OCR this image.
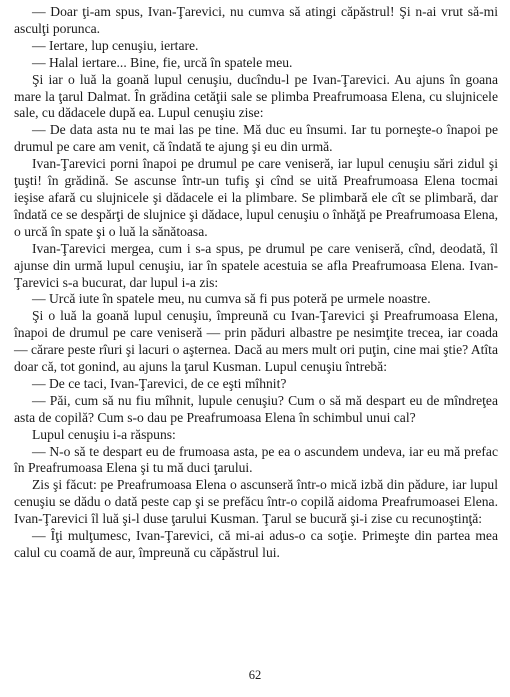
— Doar ţi-am spus, Ivan-Ţarevici, nu cumva să atingi căpăstrul! Şi n-ai vrut să-mi asculţi porunca.

— Iertare, lup cenuşiu, iertare.

— Halal iertare... Bine, fie, urcă în spatele meu.

Şi iar o luă la goană lupul cenuşiu, ducîndu-l pe Ivan-Ţarevici. Au ajuns în goana mare la ţarul Dalmat. În grădina cetăţii sale se plimba Preafrumoasa Elena, cu slujnicele sale, cu dădacele după ea. Lupul cenuşiu zise:

— De data asta nu te mai las pe tine. Mă duc eu însumi. Iar tu porneşte-o înapoi pe drumul pe care am venit, că îndată te ajung şi eu din urmă.

Ivan-Ţarevici porni înapoi pe drumul pe care veniseră, iar lupul cenuşiu sări zidul şi ţuşti! în grădină. Se ascunse într-un tufiş şi cînd se uită Preafrumoasa Elena tocmai ieşise afară cu slujnicele şi dădacele ei la plimbare. Se plimbară ele cît se plimbară, dar îndată ce se despărţi de slujnice şi dădace, lupul cenuşiu o înhăţă pe Preafrumoasa Elena, o urcă în spate şi o luă la sănătoasa.

Ivan-Ţarevici mergea, cum i s-a spus, pe drumul pe care veniseră, cînd, deodată, îl ajunse din urmă lupul cenuşiu, iar în spatele acestuia se afla Preafrumoasa Elena. Ivan-Ţarevici s-a bucurat, dar lupul i-a zis:

— Urcă iute în spatele meu, nu cumva să fi pus poteră pe urmele noastre.

Şi o luă la goană lupul cenuşiu, împreună cu Ivan-Ţarevici şi Preafrumoasa Elena, înapoi de drumul pe care veniseră — prin păduri albastre pe nesimţite trecea, iar coada — cărare peste rîuri şi lacuri o aşternea. Dacă au mers mult ori puţin, cine mai ştie? Atîta doar că, tot gonind, au ajuns la ţarul Kusman. Lupul cenuşiu întrebă:

— De ce taci, Ivan-Ţarevici, de ce eşti mîhnit?

— Păi, cum să nu fiu mîhnit, lupule cenuşiu? Cum o să mă despart eu de mîndreţea asta de copilă? Cum s-o dau pe Preafrumoasa Elena în schimbul unui cal?

Lupul cenuşiu i-a răspuns:

— N-o să te despart eu de frumoasa asta, pe ea o ascundem undeva, iar eu mă prefac în Preafrumoasa Elena şi tu mă duci ţarului.

Zis şi făcut: pe Preafrumoasa Elena o ascunseră într-o mică izbă din pădure, iar lupul cenuşiu se dădu o dată peste cap şi se prefăcu într-o copilă aidoma Preafrumoasei Elena. Ivan-Ţarevici îl luă şi-l duse ţarului Kusman. Ţarul se bucură şi-i zise cu recunoştinţă:

— Îţi mulţumesc, Ivan-Ţarevici, că mi-ai adus-o ca soţie. Primeşte din partea mea calul cu coamă de aur, împreună cu căpăstrul lui.

62
